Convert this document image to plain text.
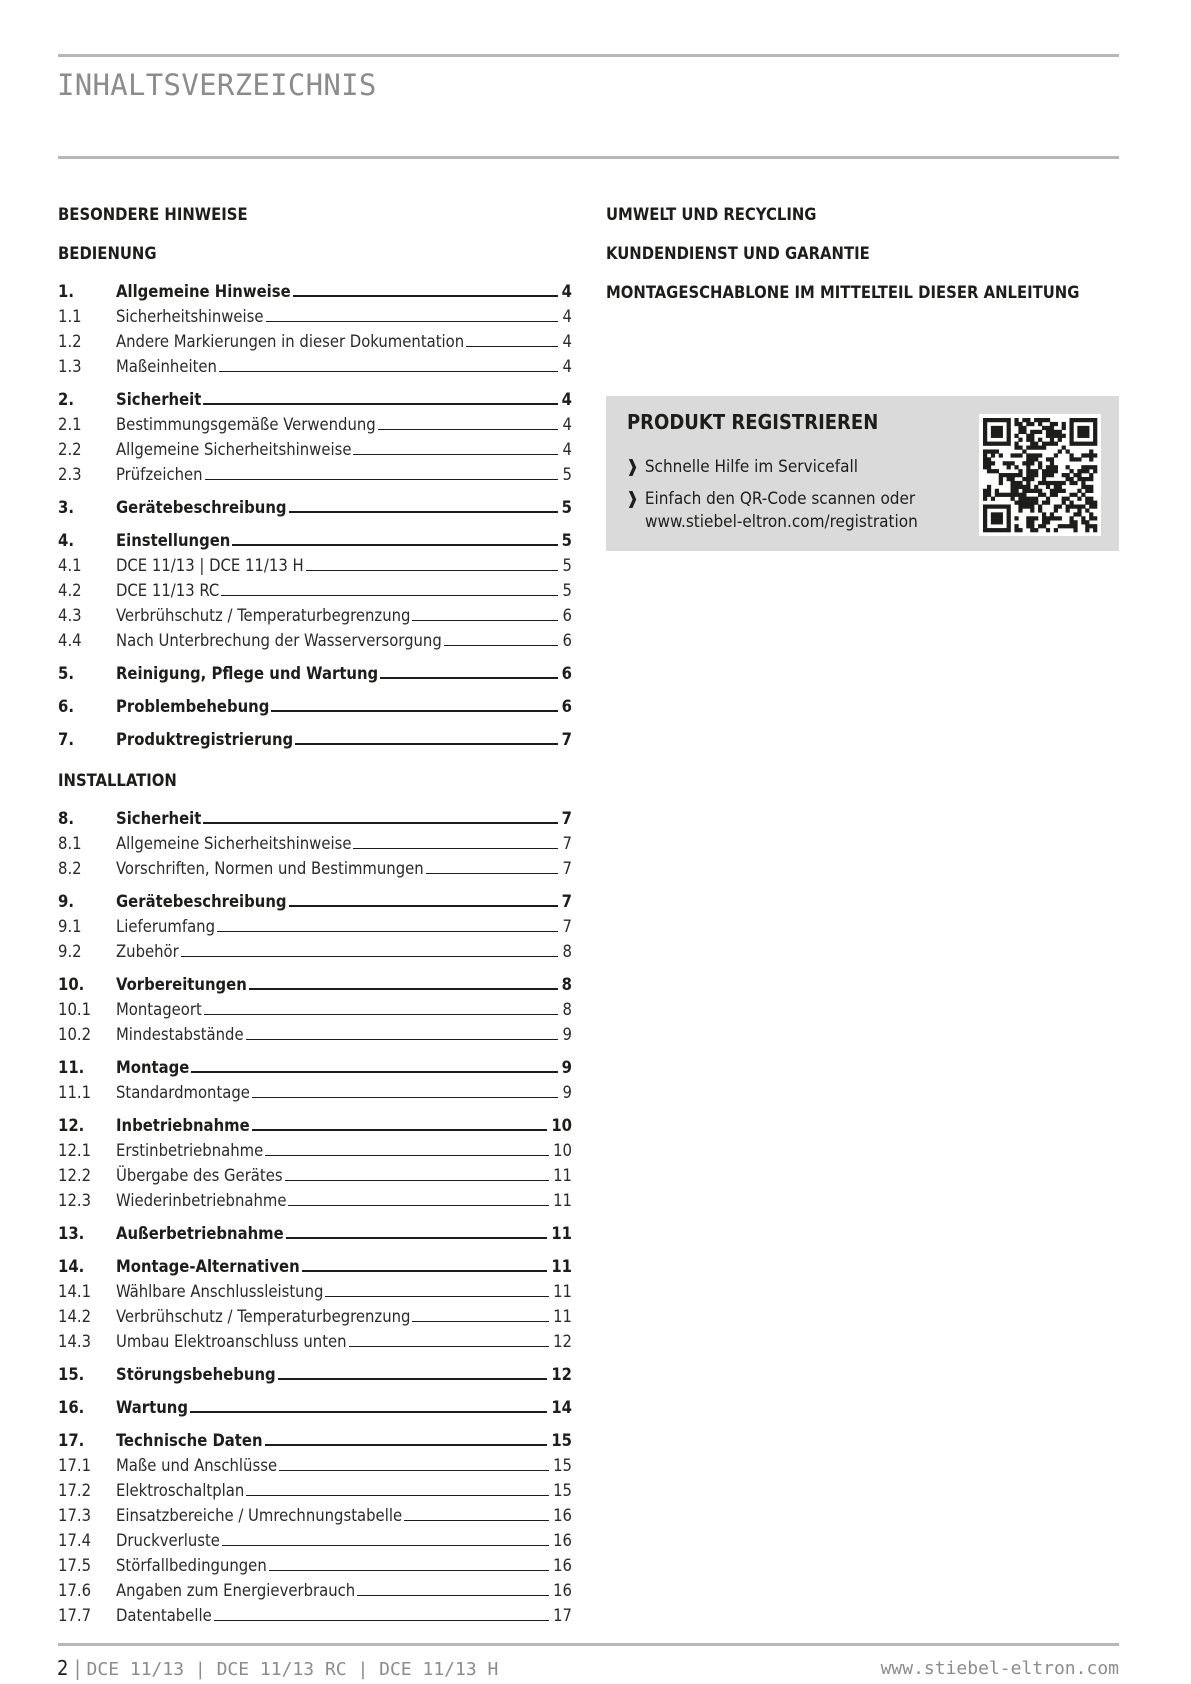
INHALTSVERZEICHNIS
BESONDERE HINWEISE
BEDIENUNG
INSTALLATION
1.	Allgemeine Hinweise	4
1.1	Sicherheitshinweise	4
1.2	Andere Markierungen in dieser Dokumentation	4
1.3	Maßeinheiten	4
2.	Sicherheit	4
2.1	Bestimmungsgemäße Verwendung	4
2.2	Allgemeine Sicherheitshinweise	4
2.3	Prüfzeichen	5
3.	Gerätebeschreibung	5
4.	Einstellungen	5
4.1	DCE 11/13 | DCE 11/13 H	5
4.2	DCE 11/13 RC	5
4.3	Verbrühschutz / Temperaturbegrenzung	6
4.4	Nach Unterbrechung der Wasserversorgung	6
5.	Reinigung, Pflege und Wartung	6
6.	Problembehebung	6
7.	Produktregistrierung	7
8.	Sicherheit	7
8.1	Allgemeine Sicherheitshinweise	7
8.2	Vorschriften, Normen und Bestimmungen	7
9.	Gerätebeschreibung	7
9.1	Lieferumfang	7
9.2	Zubehör	8
10.	Vorbereitungen	8
10.1	Montageort	8
10.2	Mindestabstände	9
11.	Montage	9
11.1	Standardmontage	9
12.	Inbetriebnahme	10
12.1	Erstinbetriebnahme	10
12.2	Übergabe des Gerätes	11
12.3	Wiederinbetriebnahme	11
13.	Außerbetriebnahme	11
14.	Montage-Alternativen	11
14.1	Wählbare Anschlussleistung	11
14.2	Verbrühschutz / Temperaturbegrenzung	11
14.3	Umbau Elektroanschluss unten	12
15.	Störungsbehebung	12
16.	Wartung	14
17.	Technische Daten	15
17.1	Maße und Anschlüsse	15
17.2	Elektroschaltplan	15
17.3	Einsatzbereiche / Umrechnungstabelle	16
17.4	Druckverluste	16
17.5	Störfallbedingungen	16
17.6	Angaben zum Energieverbrauch	16
17.7	Datentabelle	17
UMWELT UND RECYCLING
KUNDENDIENST UND GARANTIE
MONTAGESCHABLONE IM MITTELTEIL DIESER ANLEITUNG
PRODUKT REGISTRIEREN
❱ Schnelle Hilfe im Servicefall
❱ Einfach den QR-Code scannen oder
www.stiebel-eltron.com/registration
2 | DCE 11/13 | DCE 11/13 RC | DCE 11/13 H	www.stiebel-eltron.com
